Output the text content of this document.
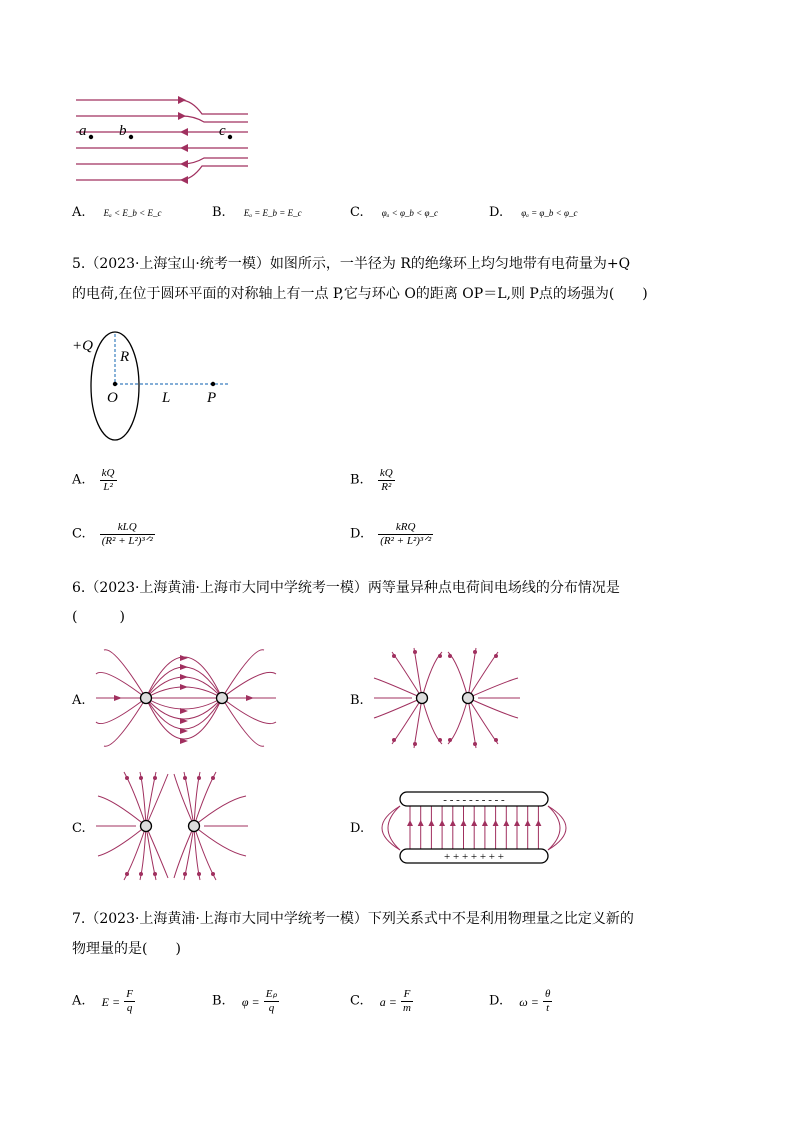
a b	c
A. Eₐ < E_b < E_c	B. Eₐ = E_b = E_c	C. φₐ < φ_b < φ_c	D. φₐ = φ_b < φ_c
5.（2023·上海宝山·统考一模）如图所示，一半径为 R的绝缘环上均匀地带有电荷量为+Q
的电荷,在位于圆环平面的对称轴上有一点 P,它与环心 O的距离 OP＝L,则 P点的场强为(　　)
+Q
R
O	L P
A. $\frac{kQ}{\text{L²}}$	B. $\frac{kQ}{\text{R²}}$
C. $\frac{\text{kLQ}}{\text{(R² + L²)³ᐟ²}}$	D. $\frac{\text{kRQ}}{\text{(R² + L²)³ᐟ²}}$
6.（2023·上海黄浦·上海市大同中学统考一模）两等量异种点电荷间电场线的分布情况是
(　　　)
A.	B.
C.	D.
- - - - - - - - - -
+ + + + + + +
7.（2023·上海黄浦·上海市大同中学统考一模）下列关系式中不是利用物理量之比定义新的
物理量的是(　　)
A. $E = \frac{F}{q}$	B. $\varphi = \frac{\text{Eₚ}}{q}$	C. $a = \frac{F}{m}$	D. $\omega = \frac{\theta}{t}$
